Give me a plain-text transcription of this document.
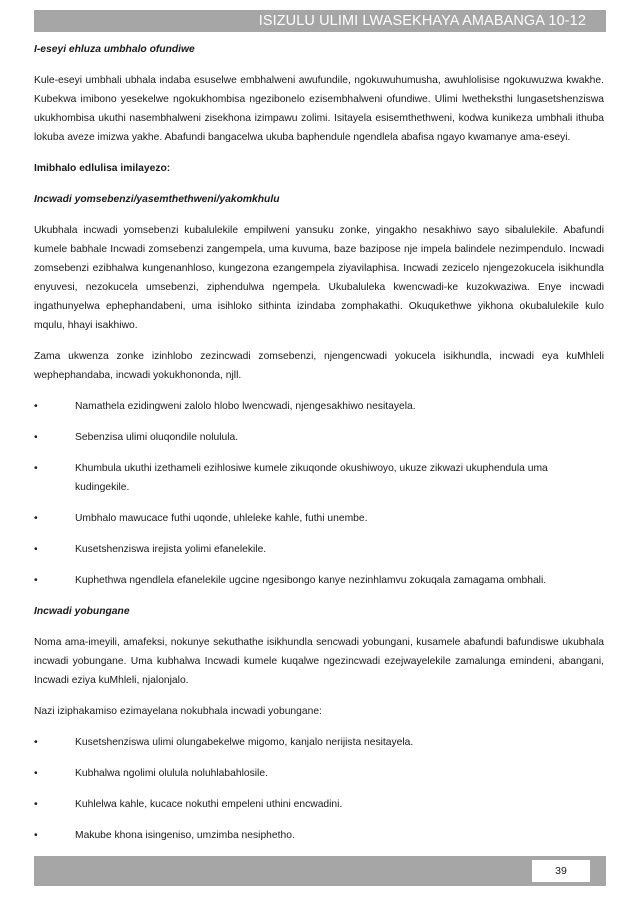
ISIZULU ULIMI LWASEKHAYA AMABANGA 10-12
I-eseyi ehluza umbhalo ofundiwe

Kule-eseyi umbhali ubhala indaba esuselwe embhalweni awufundile, ngokuwuhumusha, awuhlolisise ngokuwuzwa kwakhe. Kubekwa imibono yesekelwe ngokukhombisa ngezibonelo ezisembhalweni ofundiwe. Ulimi lwetheksthi lungasetshenziswa ukukhombisa ukuthi nasembhalweni zisekhona izimpawu zolimi. Isitayela esisemthethweni, kodwa kunikeza umbhali ithuba lokuba aveze imizwa yakhe. Abafundi bangacelwa ukuba baphendule ngendlela abafisa ngayo kwamanye ama-eseyi.

Imibhalo edlulisa imilayezo:
Incwadi yomsebenzi/yasemthethweni/yakomkhulu

Ukubhala incwadi yomsebenzi kubalulekile empilweni yansuku zonke, yingakho nesakhiwo sayo sibalulekile. Abafundi kumele babhale Incwadi zomsebenzi zangempela, uma kuvuma, baze bazipose nje impela balindele nezimpendulo. Incwadi zomsebenzi ezibhalwa kungenanhloso, kungezona ezangempela ziyavilaphisa. Incwadi zezicelo njengezokucela isikhundla enyuvesi, nezokucela umsebenzi, ziphendulwa ngempela. Ukubaluleka kwencwadi-ke kuzokwaziwa. Enye incwadi ingathunyelwa ephephandabeni, uma isihloko sithinta izindaba zomphakathi. Okuqukethwe yikhona okubalulekile kulo mqulu, hhayi isakhiwo.

Zama ukwenza zonke izinhlobo zezincwadi zomsebenzi, njengencwadi yokucela isikhundla, incwadi eya kuMhleli wephephandaba, incwadi yokukhononda, njll.

•	Namathela ezidingweni zalolo hlobo lwencwadi, njengesakhiwo nesitayela.
•	Sebenzisa ulimi oluqondile nolulula.
•	Khumbula ukuthi izethameli ezihlosiwe kumele zikuqonde okushiwoyo, ukuze zikwazi ukuphendula uma kudingekile.
•	Umbhalo mawucace futhi uqonde, uhleleke kahle, futhi unembe.
•	Kusetshenziswa irejista yolimi efanelekile.
•	Kuphethwa ngendlela efanelekile ugcine ngesibongo kanye nezinhlamvu zokuqala zamagama ombhali.
Incwadi yobungane

Noma ama-imeyili, amafeksi, nokunye sekuthathe isikhundla sencwadi yobungani, kusamele abafundi bafundiswe ukubhala incwadi yobungane. Uma kubhalwa Incwadi kumele kuqalwe ngezincwadi ezejwayelekile zamalunga emindeni, abangani, Incwadi eziya kuMhleli, njalonjalo.

Nazi iziphakamiso ezimayelana nokubhala incwadi yobungane:

•	Kusetshenziswa ulimi olungabekelwe migomo, kanjalo nerijista nesitayela.
•	Kubhalwa ngolimi olulula noluhlabahlosile.
•	Kuhlelwa kahle, kucace nokuthi empeleni uthini encwadini.
•	Makube khona isingeniso, umzimba nesiphetho.
39
